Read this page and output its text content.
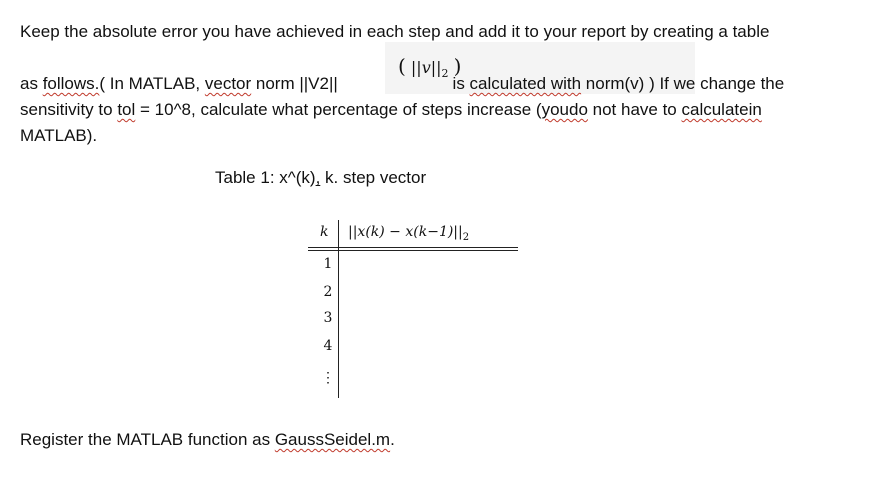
Keep the absolute error you have achieved in each step and add it to your report by creating a table
( $||v||_2$ )
as follows.( In MATLAB, vector norm ||V2||	is calculated with norm(v) ) If we change the
sensitivity to tol = 10^8, calculate what percentage of steps increase (youdo not have to calculatein
MATLAB).
Table 1: x^(k), k. step vector
k $||x(k) - x(k-1)||_2$
1
2
3
4
⋮
Register the MATLAB function as GaussSeidel.m.
